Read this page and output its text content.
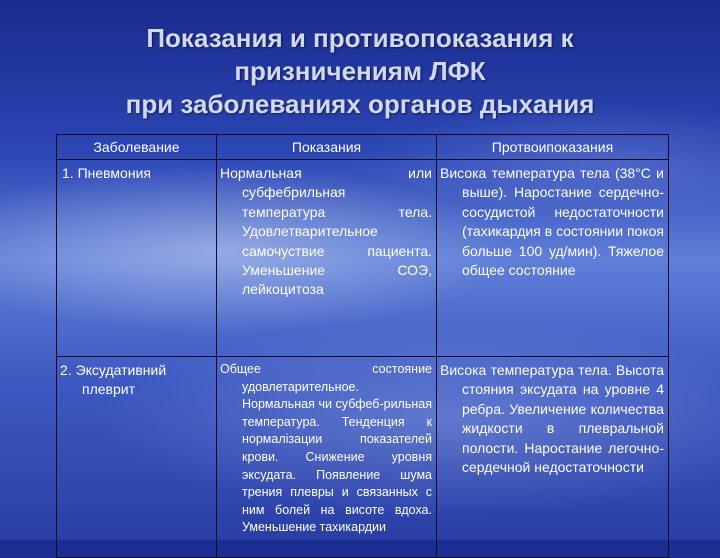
Показания и противопоказания к
призничениям ЛФК
при заболеваниях органов дыхания
Заболевание	Показания	Протвоипоказания

1. Пневмония	Нормальная или субфебрильная температура тела. Удовлетварительное самочуствие пациента. Уменьшение СОЭ, лейкоцитоза	Висока температура тела (38°С и выше). Наростание сердечно-сосудистой недостаточности (тахикардия в состоянии покоя больше 100 уд/мин). Тяжелое общее состояние

2. Эксудативний плеврит	Общее состояние удовлетарительное. Нормальная чи субфеб-рильная температура. Тенденция к нормалізации показателей крови. Снижение уровня эксудата. Появление шума трения плевры и связанных с ним болей на висоте вдоха. Уменьшение тахикардии	Висока температура тела. Высота стояния эксудата на уровне 4 ребра. Увеличение количества жидкости в плевральной полости. Наростание легочно-сердечной недостаточности
